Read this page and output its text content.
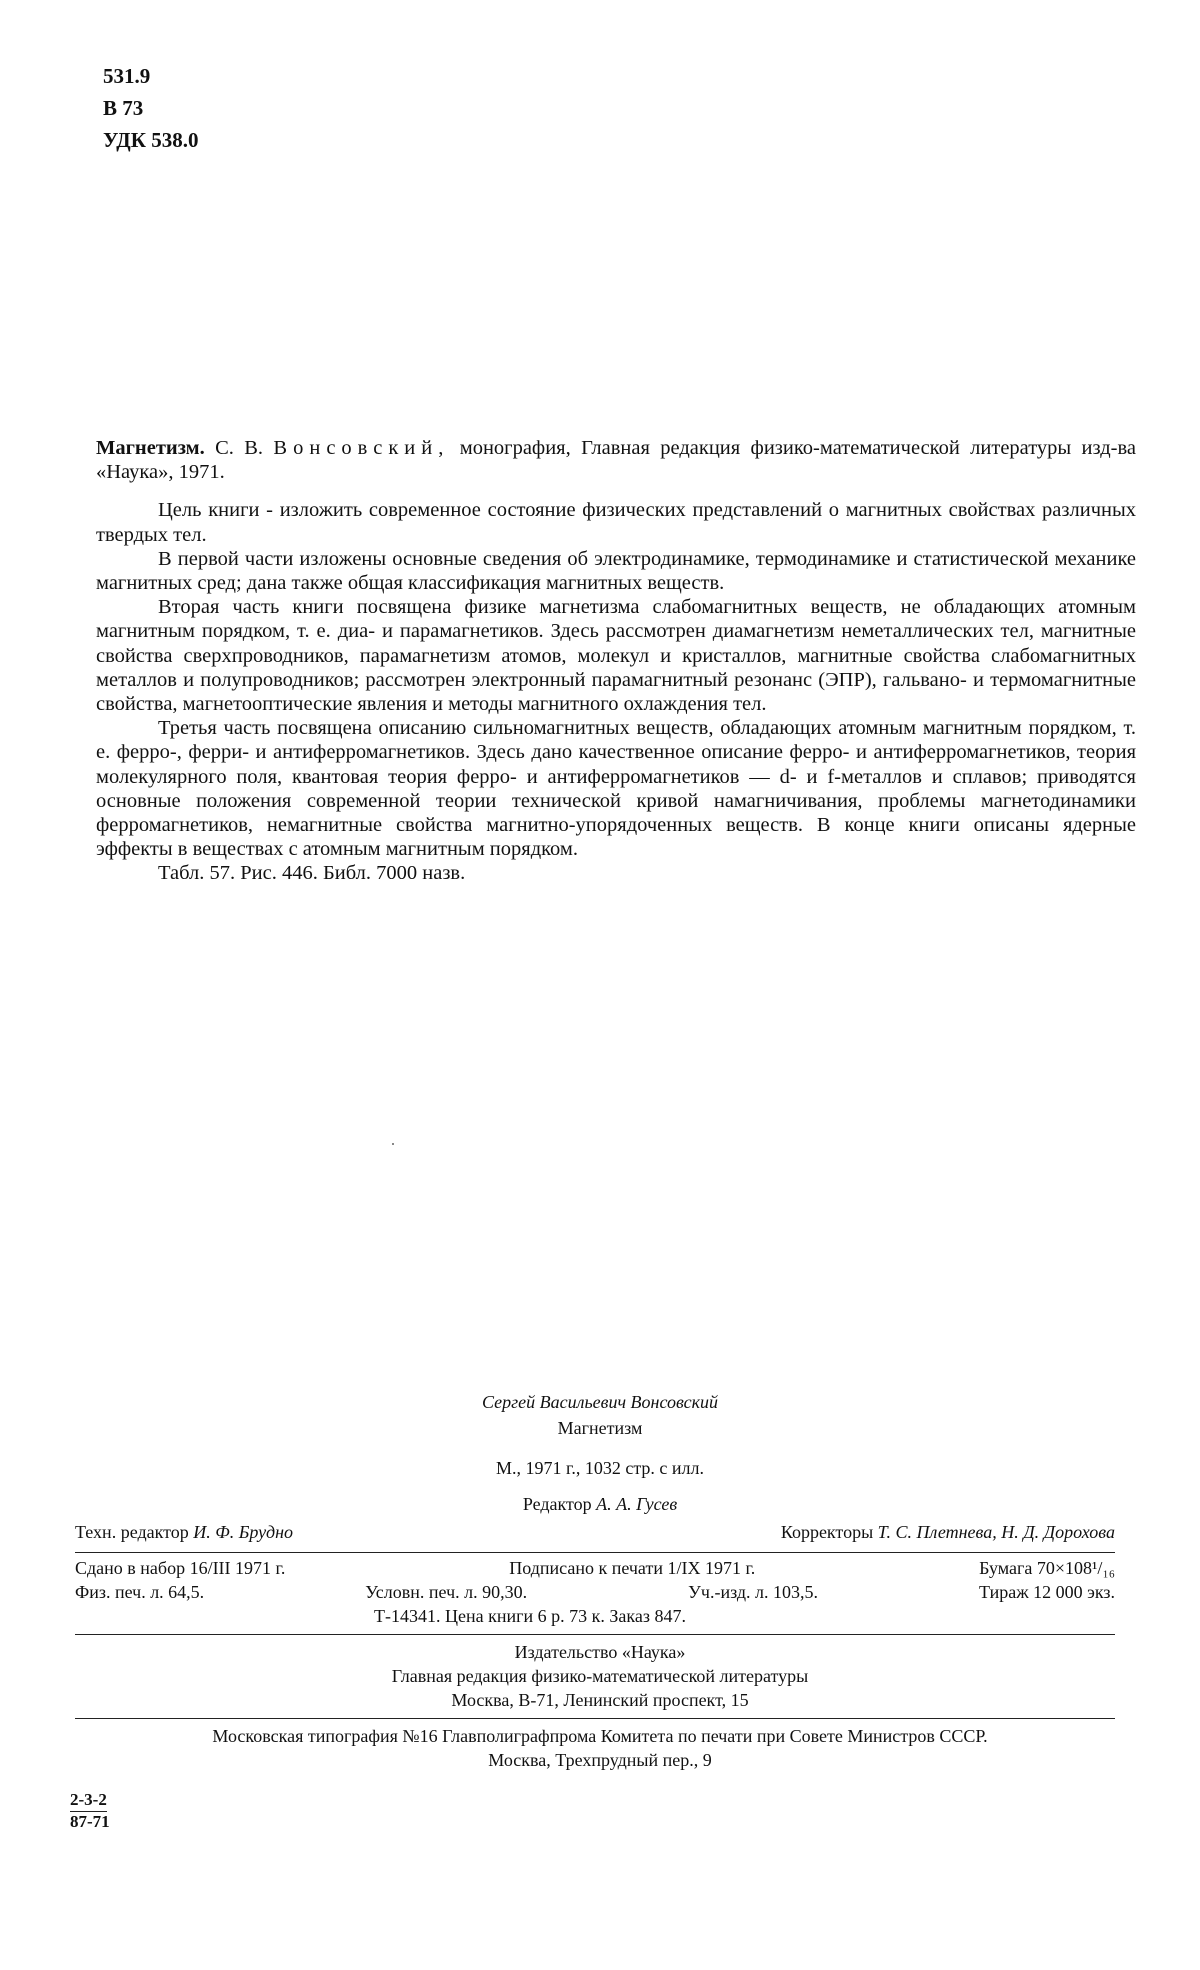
531.9
В 73
УДК 538.0

Магнетизм. С. В. Вонсовский, монография, Главная редакция физико-математической литературы изд-ва «Наука», 1971.

Цель книги - изложить современное состояние физических представлений о магнитных свойствах различных твердых тел.

В первой части изложены основные сведения об электродинамике, термодинамике и статистической механике магнитных сред; дана также общая классификация магнитных веществ.

Вторая часть книги посвящена физике магнетизма слабомагнитных веществ, не обладающих атомным магнитным порядком, т. е. диа- и парамагнетиков. Здесь рассмотрен диамагнетизм неметаллических тел, магнитные свойства сверхпроводников, парамагнетизм атомов, молекул и кристаллов, магнитные свойства слабомагнитных металлов и полупроводников; рассмотрен электронный парамагнитный резонанс (ЭПР), гальвано- и термомагнитные свойства, магнетооптические явления и методы магнитного охлаждения тел.

Третья часть посвящена описанию сильномагнитных веществ, обладающих атомным магнитным порядком, т. е. ферро-, ферри- и антиферромагнетиков. Здесь дано качественное описание ферро- и антиферромагнетиков, теория молекулярного поля, квантовая теория ферро- и антиферромагнетиков — d- и f-металлов и сплавов; приводятся основные положения современной теории технической кривой намагничивания, проблемы магнетодинамики ферромагнетиков, немагнитные свойства магнитно-упорядоченных веществ. В конце книги описаны ядерные эффекты в веществах с атомным магнитным порядком.

Табл. 57. Рис. 446. Библ. 7000 назв.

Сергей Васильевич Вонсовский
Магнетизм
М., 1971 г., 1032 стр. с илл.
Редактор А. А. Гусев
Техн. редактор И. Ф. Брудно	Корректоры Т. С. Плетнева, Н. Д. Дорохова
Сдано в набор 16/III 1971 г.	Подписано к печати 1/IX 1971 г.	Бумага 70×108¹/₁₆
Физ. печ. л. 64,5.	Условн. печ. л. 90,30.	Уч.-изд. л. 103,5.	Тираж 12 000 экз.
Т-14341. Цена книги 6 р. 73 к. Заказ 847.
Издательство «Наука»
Главная редакция физико-математической литературы
Москва, В-71, Ленинский проспект, 15
Московская типография №16 Главполиграфпрома Комитета по печати при Совете Министров СССР.
Москва, Трехпрудный пер., 9
2-3-2
87-71
